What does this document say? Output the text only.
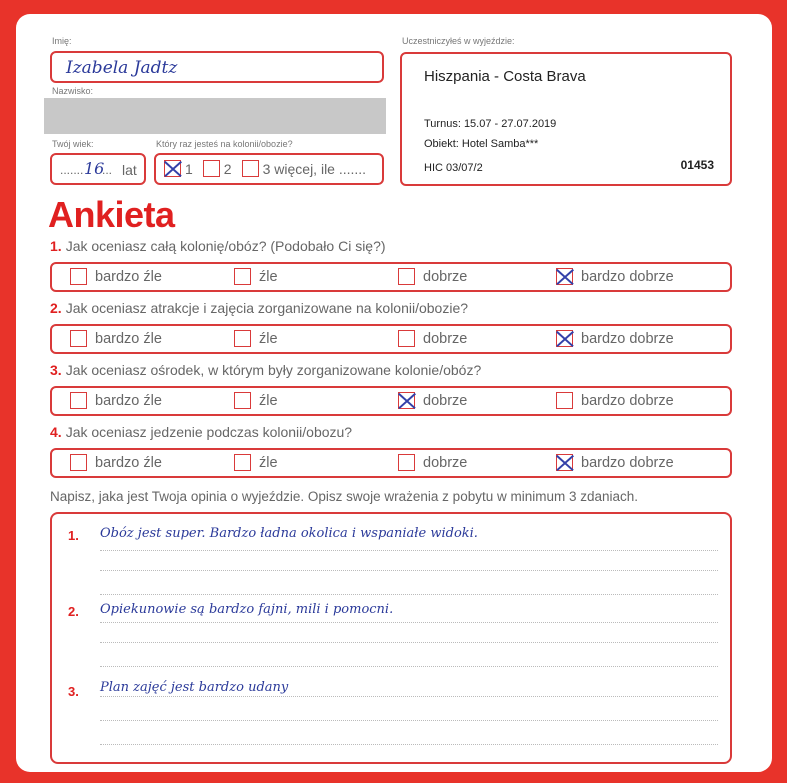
Imię:
Izabela Jadtz
Nazwisko:
Twój wiek:
....... 16
... lat
Który raz jesteś na kolonii/obozie?
1 2 3 więcej, ile .......
Uczestniczyłeś w wyjeździe:
Hiszpania - Costa Brava
Turnus: 15.07 - 27.07.2019
Obiekt: Hotel Samba***
HIC 03/07/2	01453
Ankieta
1. Jak oceniasz całą kolonię/obóz? (Podobało Ci się?)
bardzo źle	źle	dobrze	bardzo dobrze
2. Jak oceniasz atrakcje i zajęcia zorganizowane na kolonii/obozie?
bardzo źle	źle	dobrze	bardzo dobrze
3. Jak oceniasz ośrodek, w którym były zorganizowane kolonie/obóz?
bardzo źle	źle	dobrze	bardzo dobrze
4. Jak oceniasz jedzenie podczas kolonii/obozu?
bardzo źle	źle	dobrze	bardzo dobrze
Napisz, jaka jest Twoja opinia o wyjeździe. Opisz swoje wrażenia z pobytu w minimum 3 zdaniach.
1. Obóz jest super. Bardzo ładna okolica i wspaniałe widoki.
2. Opiekunowie są bardzo fajni, mili i pomocni.
3. Plan zajęć jest bardzo udany
